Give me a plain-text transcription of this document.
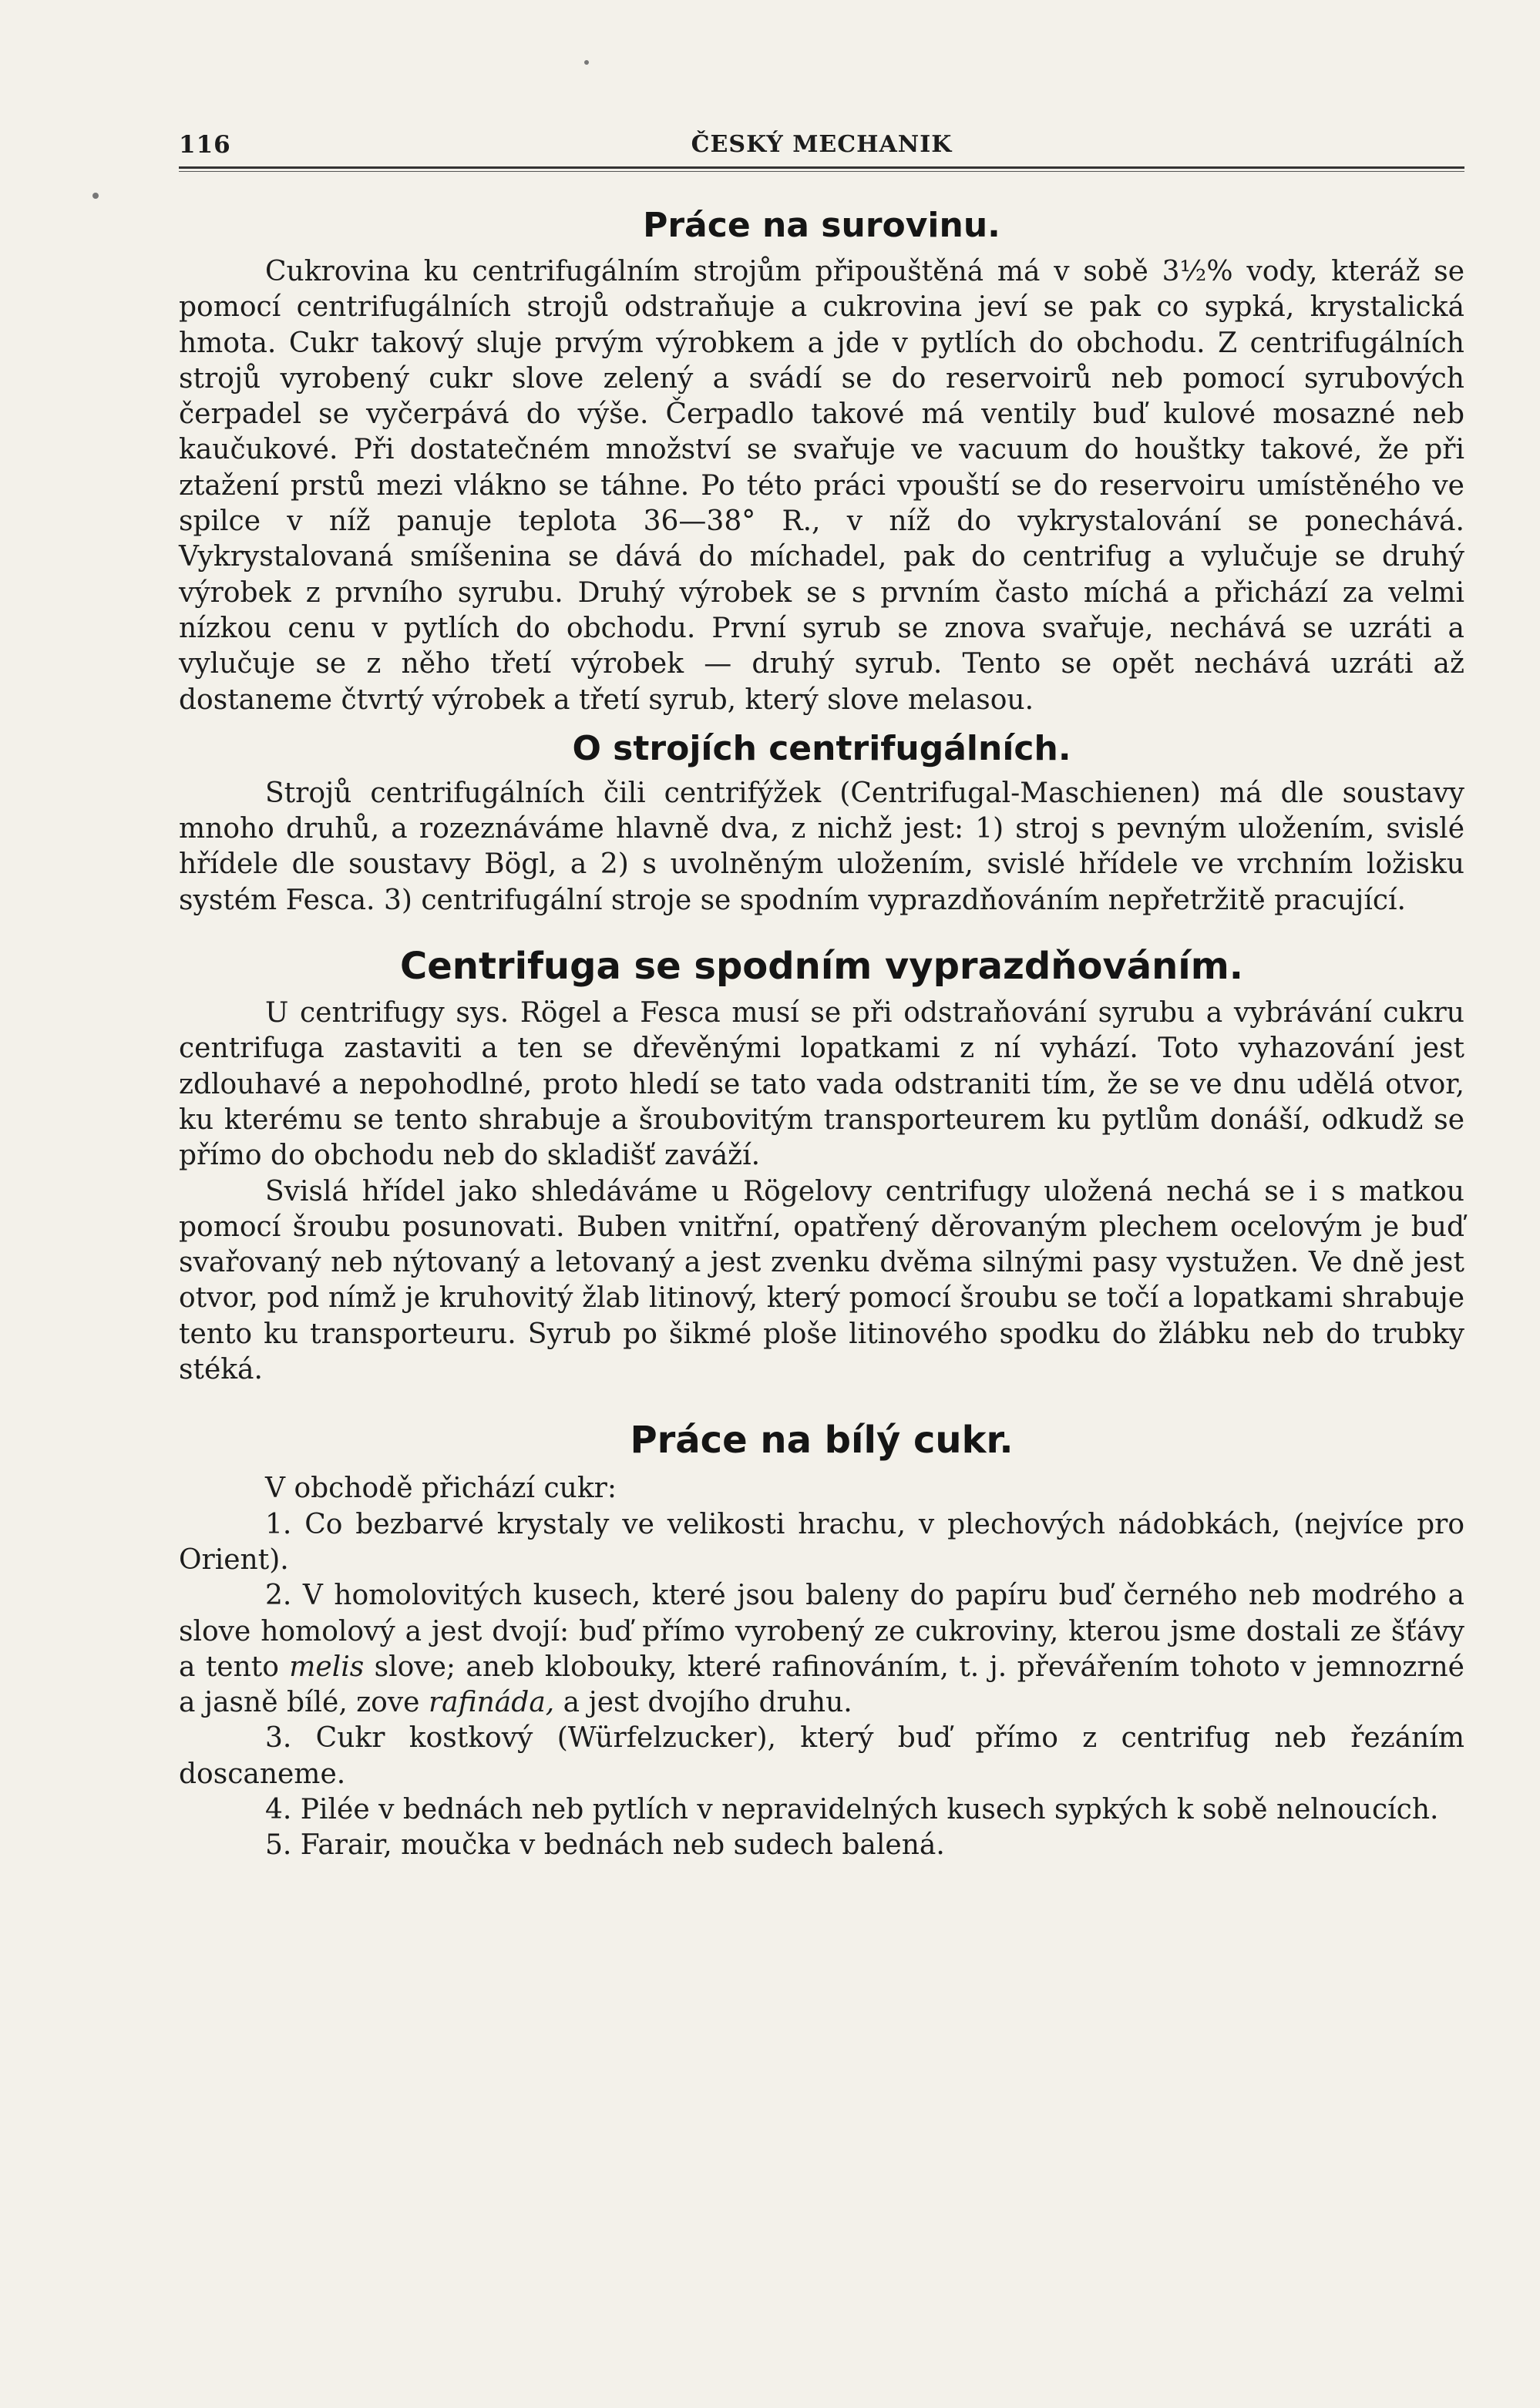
116	ČESKÝ MECHANIK
Práce na surovinu.

Cukrovina ku centrifugálním strojům připouštěná má v sobě 3½% vody, kteráž se pomocí centrifugálních strojů odstraňuje a cukrovina jeví se pak co sypká, krystalická hmota. Cukr takový sluje prvým výrobkem a jde v pytlích do obchodu. Z centrifugálních strojů vyrobený cukr slove zelený a svádí se do reservoirů neb pomocí syrubových čerpadel se vyčerpává do výše. Čerpadlo takové má ventily buď kulové mosazné neb kaučukové. Při dostatečném množství se svařuje ve vacuum do houštky takové, že při ztažení prstů mezi vlákno se táhne. Po této práci vpouští se do reservoiru umístěného ve spilce v níž panuje teplota 36—38° R., v níž do vykrystalování se ponechává. Vykrystalovaná smíšenina se dává do míchadel, pak do centrifug a vylučuje se druhý výrobek z prvního syrubu. Druhý výrobek se s prvním často míchá a přichází za velmi nízkou cenu v pytlích do obchodu. První syrub se znova svařuje, nechává se uzráti a vylučuje se z něho třetí výrobek — druhý syrub. Tento se opět nechává uzráti až dostaneme čtvrtý výrobek a třetí syrub, který slove melasou.

O strojích centrifugálních.

Strojů centrifugálních čili centrifýžek (Centrifugal-Maschienen) má dle soustavy mnoho druhů, a rozeznáváme hlavně dva, z nichž jest: 1) stroj s pevným uložením, svislé hřídele dle soustavy Bögl, a 2) s uvolněným uložením, svislé hřídele ve vrchním ložisku systém Fesca. 3) centrifugální stroje se spodním vyprazdňováním nepřetržitě pracující.

Centrifuga se spodním vyprazdňováním.

U centrifugy sys. Rögel a Fesca musí se při odstraňování syrubu a vybrávání cukru centrifuga zastaviti a ten se dřevěnými lopatkami z ní vyhází. Toto vyhazování jest zdlouhavé a nepohodlné, proto hledí se tato vada odstraniti tím, že se ve dnu udělá otvor, ku kterému se tento shrabuje a šroubovitým transporteurem ku pytlům donáší, odkudž se přímo do obchodu neb do skladišť zaváží.

Svislá hřídel jako shledáváme u Rögelovy centrifugy uložená nechá se i s matkou pomocí šroubu posunovati. Buben vnitřní, opatřený děrovaným plechem ocelovým je buď svařovaný neb nýtovaný a letovaný a jest zvenku dvěma silnými pasy vystužen. Ve dně jest otvor, pod nímž je kruhovitý žlab litinový, který pomocí šroubu se točí a lopatkami shrabuje tento ku transporteuru. Syrub po šikmé ploše litinového spodku do žlábku neb do trubky stéká.

Práce na bílý cukr.

V obchodě přichází cukr:

1. Co bezbarvé krystaly ve velikosti hrachu, v plechových nádobkách, (nejvíce pro Orient).

2. V homolovitých kusech, které jsou baleny do papíru buď černého neb modrého a slove homolový a jest dvojí: buď přímo vyrobený ze cukroviny, kterou jsme dostali ze šťávy a tento melis slove; aneb klobouky, které rafinováním, t. j. převářením tohoto v jemnozrné a jasně bílé, zove rafináda, a jest dvojího druhu.

3. Cukr kostkový (Würfelzucker), který buď přímo z centrifug neb řezáním doscaneme.

4. Pilée v bednách neb pytlích v nepravidelných kusech sypkých k sobě nelnoucích.

5. Farair, moučka v bednách neb sudech balená.
